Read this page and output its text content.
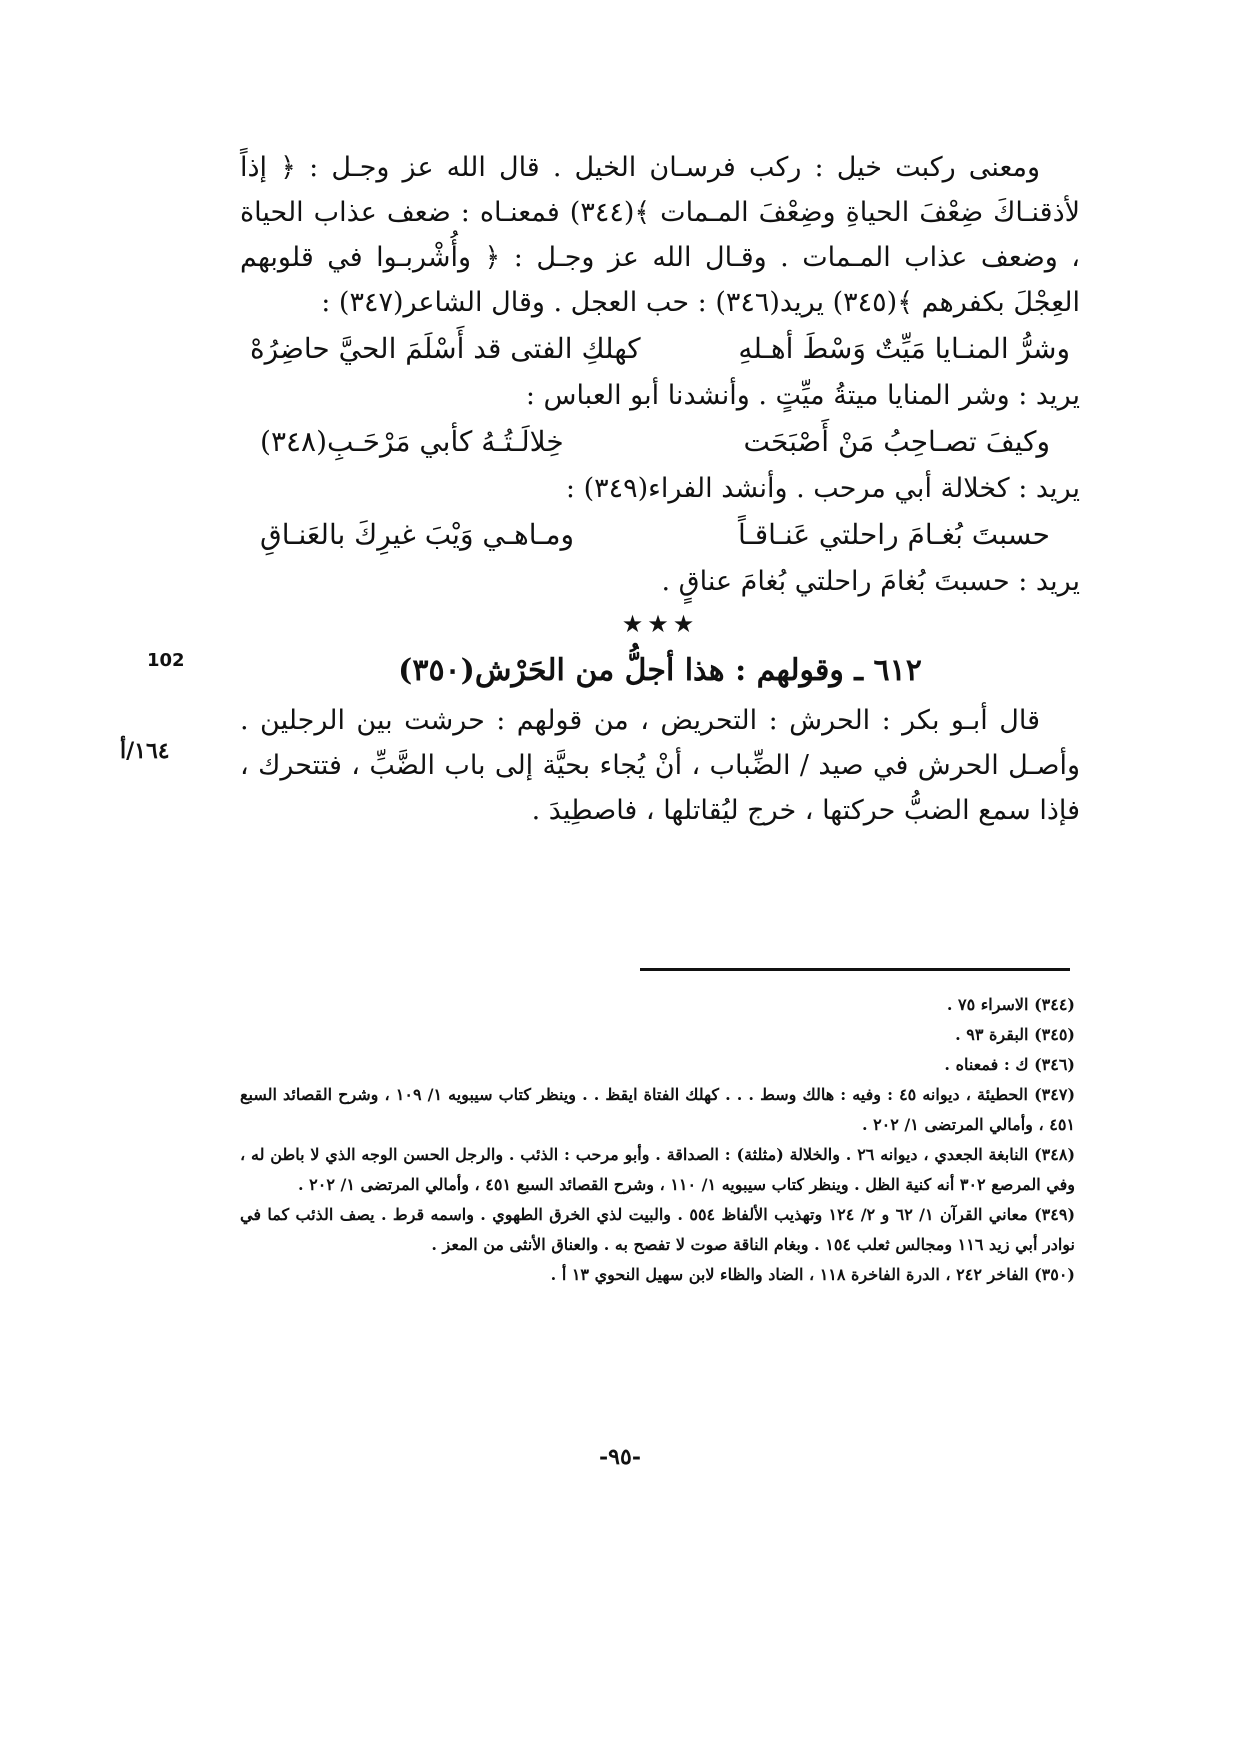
ومعنى ركبت خيل : ركب فرسـان الخيل . قال الله عز وجـل : ﴿ إذاً لأذقنـاكَ ضِعْفَ الحياةِ وضِعْفَ المـمات ﴾(٣٤٤) فمعنـاه : ضعف عذاب الحياة ، وضعف عذاب المـمات . وقـال الله عز وجـل : ﴿ وأُشْربـوا في قلوبهم العِجْلَ بكفرهم ﴾(٣٤٥) يريد(٣٤٦) : حب العجل . وقال الشاعر(٣٤٧) :

وشرُّ المنـايا مَيِّتٌ وَسْطَ أهـلهِ
كهلكِ الفتى قد أَسْلَمَ الحيَّ حاضِرُهْ

يريد : وشر المنايا ميتةُ ميِّتٍ . وأنشدنا أبو العباس :

وكيفَ تصـاحِبُ مَنْ أَصْبَحَت
خِلالَـتُـهُ كأبي مَرْحَـبِ(٣٤٨)

يريد : كخلالة أبي مرحب . وأنشد الفراء(٣٤٩) :

حسبتَ بُغـامَ راحلتي عَنـاقـاً
ومـاهـي وَيْبَ غيرِكَ بالعَنـاقِ

يريد : حسبتَ بُغامَ راحلتي بُغامَ عناقٍ .

★★★

٦١٢ ـ وقولهم : هذا أجلُّ من الحَرْش(٣٥٠)

قال أبـو بكر : الحرش : التحريض ، من قولهم : حرشت بين الرجلين . وأصـل الحرش في صيد / الضِّباب ، أنْ يُجاء بحيَّة إلى باب الضَّبِّ ، فتتحرك ، فإذا سمع الضبُّ حركتها ، خرج ليُقاتلها ، فاصطِيدَ .

102
١٦٤/أ

(٣٤٤) الاسراء ٧٥ .

(٣٤٥) البقرة ٩٣ .

(٣٤٦) ك : فمعناه .

(٣٤٧) الحطيئة ، ديوانه ٤٥ : وفيه : هالك وسط . . . كهلك الفتاة ايقظ . . وينظر كتاب سيبويه ١/ ١٠٩ ، وشرح القصائد السبع ٤٥١ ، وأمالي المرتضى ١/ ٢٠٢ .

(٣٤٨) النابغة الجعدي ، ديوانه ٢٦ . والخلالة (مثلثة) : الصداقة . وأبو مرحب : الذئب . والرجل الحسن الوجه الذي لا باطن له ، وفي المرصع ٣٠٢ أنه كنية الظل . وينظر كتاب سيبويه ١/ ١١٠ ، وشرح القصائد السبع ٤٥١ ، وأمالي المرتضى ١/ ٢٠٢ .

(٣٤٩) معاني القرآن ١/ ٦٢ و ٢/ ١٢٤ وتهذيب الألفاظ ٥٥٤ . والبيت لذي الخرق الطهوي . واسمه قرط . يصف الذئب كما في نوادر أبي زيد ١١٦ ومجالس ثعلب ١٥٤ . وبغام الناقة صوت لا تفصح به . والعناق الأنثى من المعز .

(٣٥٠) الفاخر ٢٤٢ ، الدرة الفاخرة ١١٨ ، الضاد والظاء لابن سهيل النحوي ١٣ أ .

-٩٥-
